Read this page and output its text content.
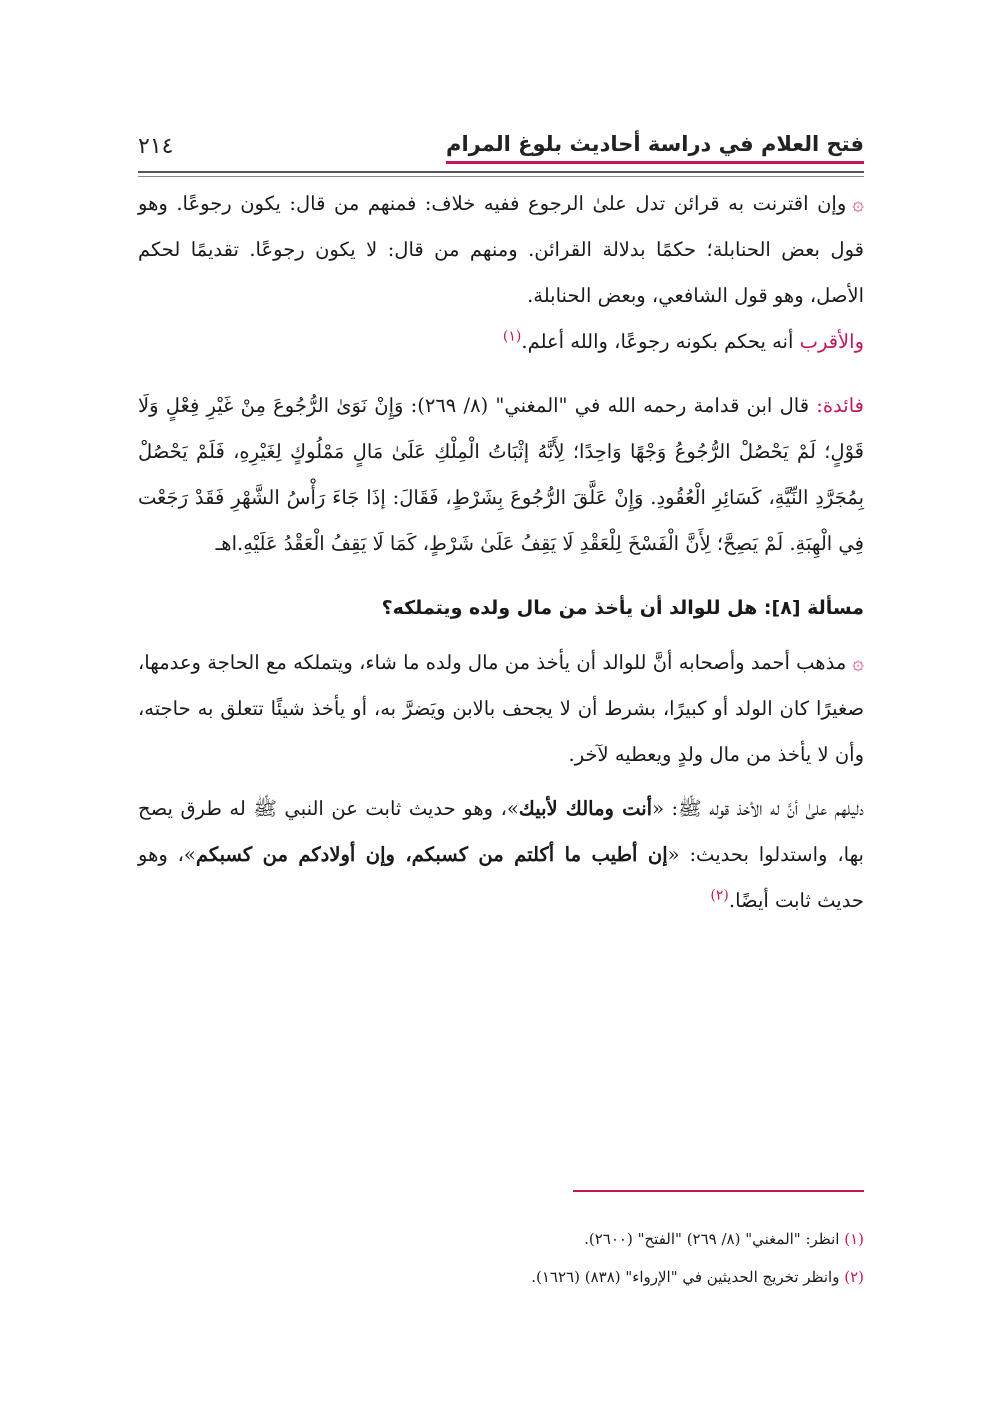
فتح العلام في دراسة أحاديث بلوغ المرام
٢١٤

۞وإن اقترنت به قرائن تدل علىٰ الرجوع ففيه خلاف: فمنهم من قال: يكون رجوعًا. وهو قول بعض الحنابلة؛ حكمًا بدلالة القرائن. ومنهم من قال: لا يكون رجوعًا. تقديمًا لحكم الأصل، وهو قول الشافعي، وبعض الحنابلة.

والأقرب أنه يحكم بكونه رجوعًا، والله أعلم.$^{(١)}$

فائدة: قال ابن قدامة رحمه الله في "المغني" (٨/ ٢٦٩): وَإِنْ نَوَىٰ الرُّجُوعَ مِنْ غَيْرِ فِعْلٍ وَلَا قَوْلٍ؛ لَمْ يَحْصُلْ الرُّجُوعُ وَجْهًا وَاحِدًا؛ لِأَنَّهُ إثْبَاتُ الْمِلْكِ عَلَىٰ مَالٍ مَمْلُوكٍ لِغَيْرِهِ، فَلَمْ يَحْصُلْ بِمُجَرَّدِ النِّيَّةِ، كَسَائِرِ الْعُقُودِ. وَإِنْ عَلَّقَ الرُّجُوعَ بِشَرْطٍ، فَقَالَ: إذَا جَاءَ رَأْسُ الشَّهْرِ فَقَدْ رَجَعْت فِي الْهِبَةِ. لَمْ يَصِحَّ؛ لِأَنَّ الْفَسْخَ لِلْعَقْدِ لَا يَقِفُ عَلَىٰ شَرْطٍ، كَمَا لَا يَقِفُ الْعَقْدُ عَلَيْهِ.اهـ

مسألة [٨]: هل للوالد أن يأخذ من مال ولده ويتملكه؟

۞مذهب أحمد وأصحابه أنَّ للوالد أن يأخذ من مال ولده ما شاء، ويتملكه مع الحاجة وعدمها، صغيرًا كان الولد أو كبيرًا، بشرط أن لا يجحف بالابن ويَضرَّ به، أو يأخذ شيئًا تتعلق به حاجته، وأن لا يأخذ من مال ولدٍ ويعطيه لآخر.

دليلهم علىٰ أنَّ له الأخذ قوله ﷺ: «أنت ومالك لأبيك»، وهو حديث ثابت عن النبي ﷺ له طرق يصح بها، واستدلوا بحديث: «إن أطيب ما أكلتم من كسبكم، وإن أولادكم من كسبكم»، وهو حديث ثابت أيضًا.$^{(٢)}$

(١) انظر: "المغني" (٨/ ٢٦٩) "الفتح" (٢٦٠٠).

(٢) وانظر تخريج الحديثين في "الإرواء" (٨٣٨) (١٦٢٦).
